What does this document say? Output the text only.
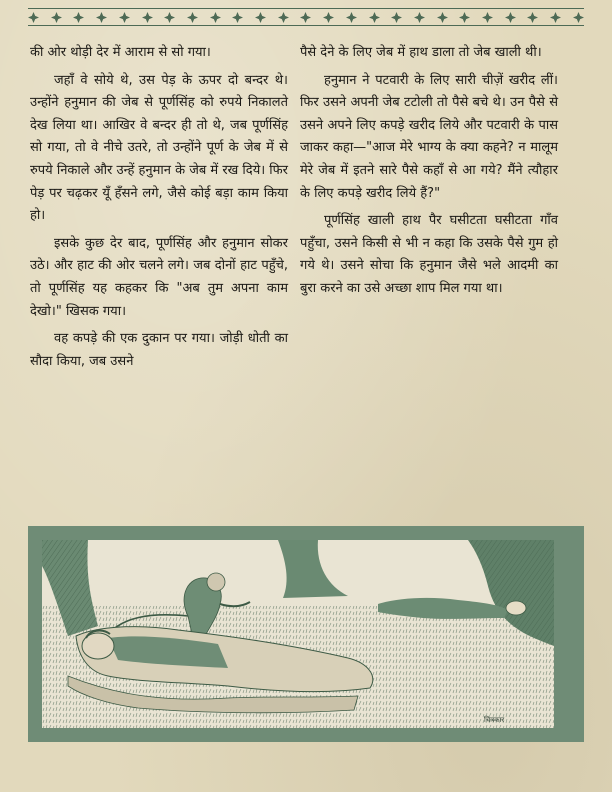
की ओर थोड़ी देर में आराम से सो गया।

जहाँ वे सोये थे, उस पेड़ के ऊपर दो बन्दर थे। उन्होंने हनुमान की जेब से पूर्णसिंह को रुपये निकालते देख लिया था। आखिर वे बन्दर ही तो थे, जब पूर्णसिंह सो गया, तो वे नीचे उतरे, तो उन्होंने पूर्ण के जेब में से रुपये निकाले और उन्हें हनुमान के जेब में रख दिये। फिर पेड़ पर चढ़कर यूँ हँसने लगे, जैसे कोई बड़ा काम किया हो।

इसके कुछ देर बाद, पूर्णसिंह और हनुमान सोकर उठे। और हाट की ओर चलने लगे। जब दोनों हाट पहुँचे, तो पूर्णसिंह यह कहकर कि "अब तुम अपना काम देखो।" खिसक गया।

वह कपड़े की एक दुकान पर गया। जोड़ी धोती का सौदा किया, जब उसने

पैसे देने के लिए जेब में हाथ डाला तो जेब खाली थी।

हनुमान ने पटवारी के लिए सारी चीज़ें खरीद लीं। फिर उसने अपनी जेब टटोली तो पैसे बचे थे। उन पैसे से उसने अपने लिए कपड़े खरीद लिये और पटवारी के पास जाकर कहा—"आज मेरे भाग्य के क्या कहने? न मालूम मेरे जेब में इतने सारे पैसे कहाँ से आ गये? मैंने त्यौहार के लिए कपड़े खरीद लिये हैं?"

पूर्णसिंह खाली हाथ पैर घसीटता घसीटता गाँव पहुँचा, उसने किसी से भी न कहा कि उसके पैसे गुम हो गये थे। उसने सोचा कि हनुमान जैसे भले आदमी का बुरा करने का उसे अच्छा शाप मिल गया था।

चित्रकार
